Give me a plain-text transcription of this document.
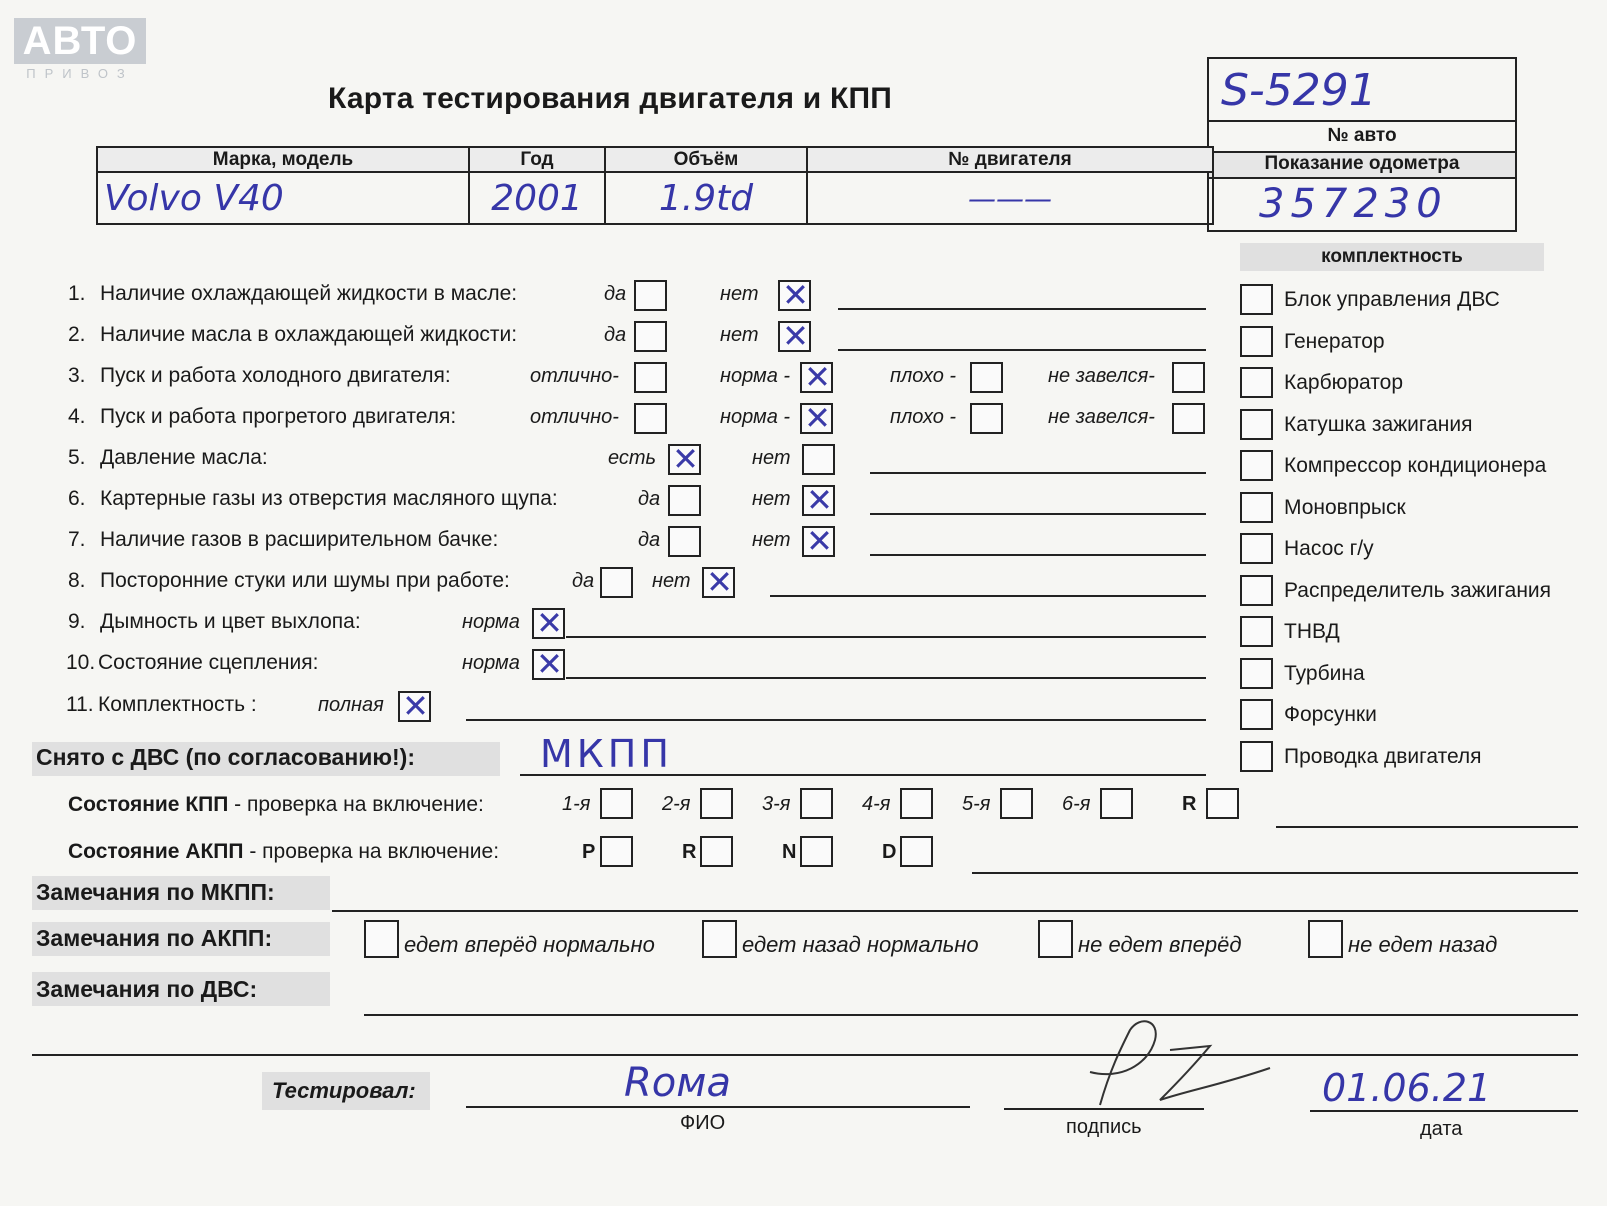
АВТО
ПРИВОЗ
Карта тестирования двигателя и КПП	S-5291
№ авто
Показание одометра
357230
Марка, модель	Год	Объём	№ двигателя
Volvo V40	2001	1.9td	———
комплектность
Блок управления ДВС
Генератор
Карбюратор
Катушка зажигания
Компрессор кондиционера
Моновпрыск
Насос г/у
Распределитель зажигания
ТНВД
Турбина
Форсунки
Проводка двигателя
1. Наличие охлаждающей жидкости в масле:	да	нет ✕
2. Наличие масла в охлаждающей жидкости:	да	нет ✕
3. Пуск и работа холодного двигателя:	отлично-	норма - ✕	плохо -	не завелся-
4. Пуск и работа прогретого двигателя:	отлично-	норма - ✕	плохо -	не завелся-
5. Давление масла:	есть ✕	нет
6. Картерные газы из отверстия масляного щупа:	да	нет ✕
7. Наличие газов в расширительном бачке:	да	нет ✕
8. Посторонние стуки или шумы при работе:	да	нет ✕
9. Дымность и цвет выхлопа:	норма ✕
10. Состояние сцепления:	норма ✕
11. Комплектность :	полная ✕
Снято с ДВС (по согласованию!):	МКПП
Состояние КПП - проверка на включение:	1-я	2-я	3-я	4-я	5-я	6-я	R
Состояние АКПП - проверка на включение:	P	R	N	D
Замечания по МКПП:
Замечания по АКПП:	едет вперёд нормально	едет назад нормально	не едет вперёд	не едет назад
Замечания по ДВС:
Тестировал:	Roмa
ФИО	подпись
01.06.21
дата
